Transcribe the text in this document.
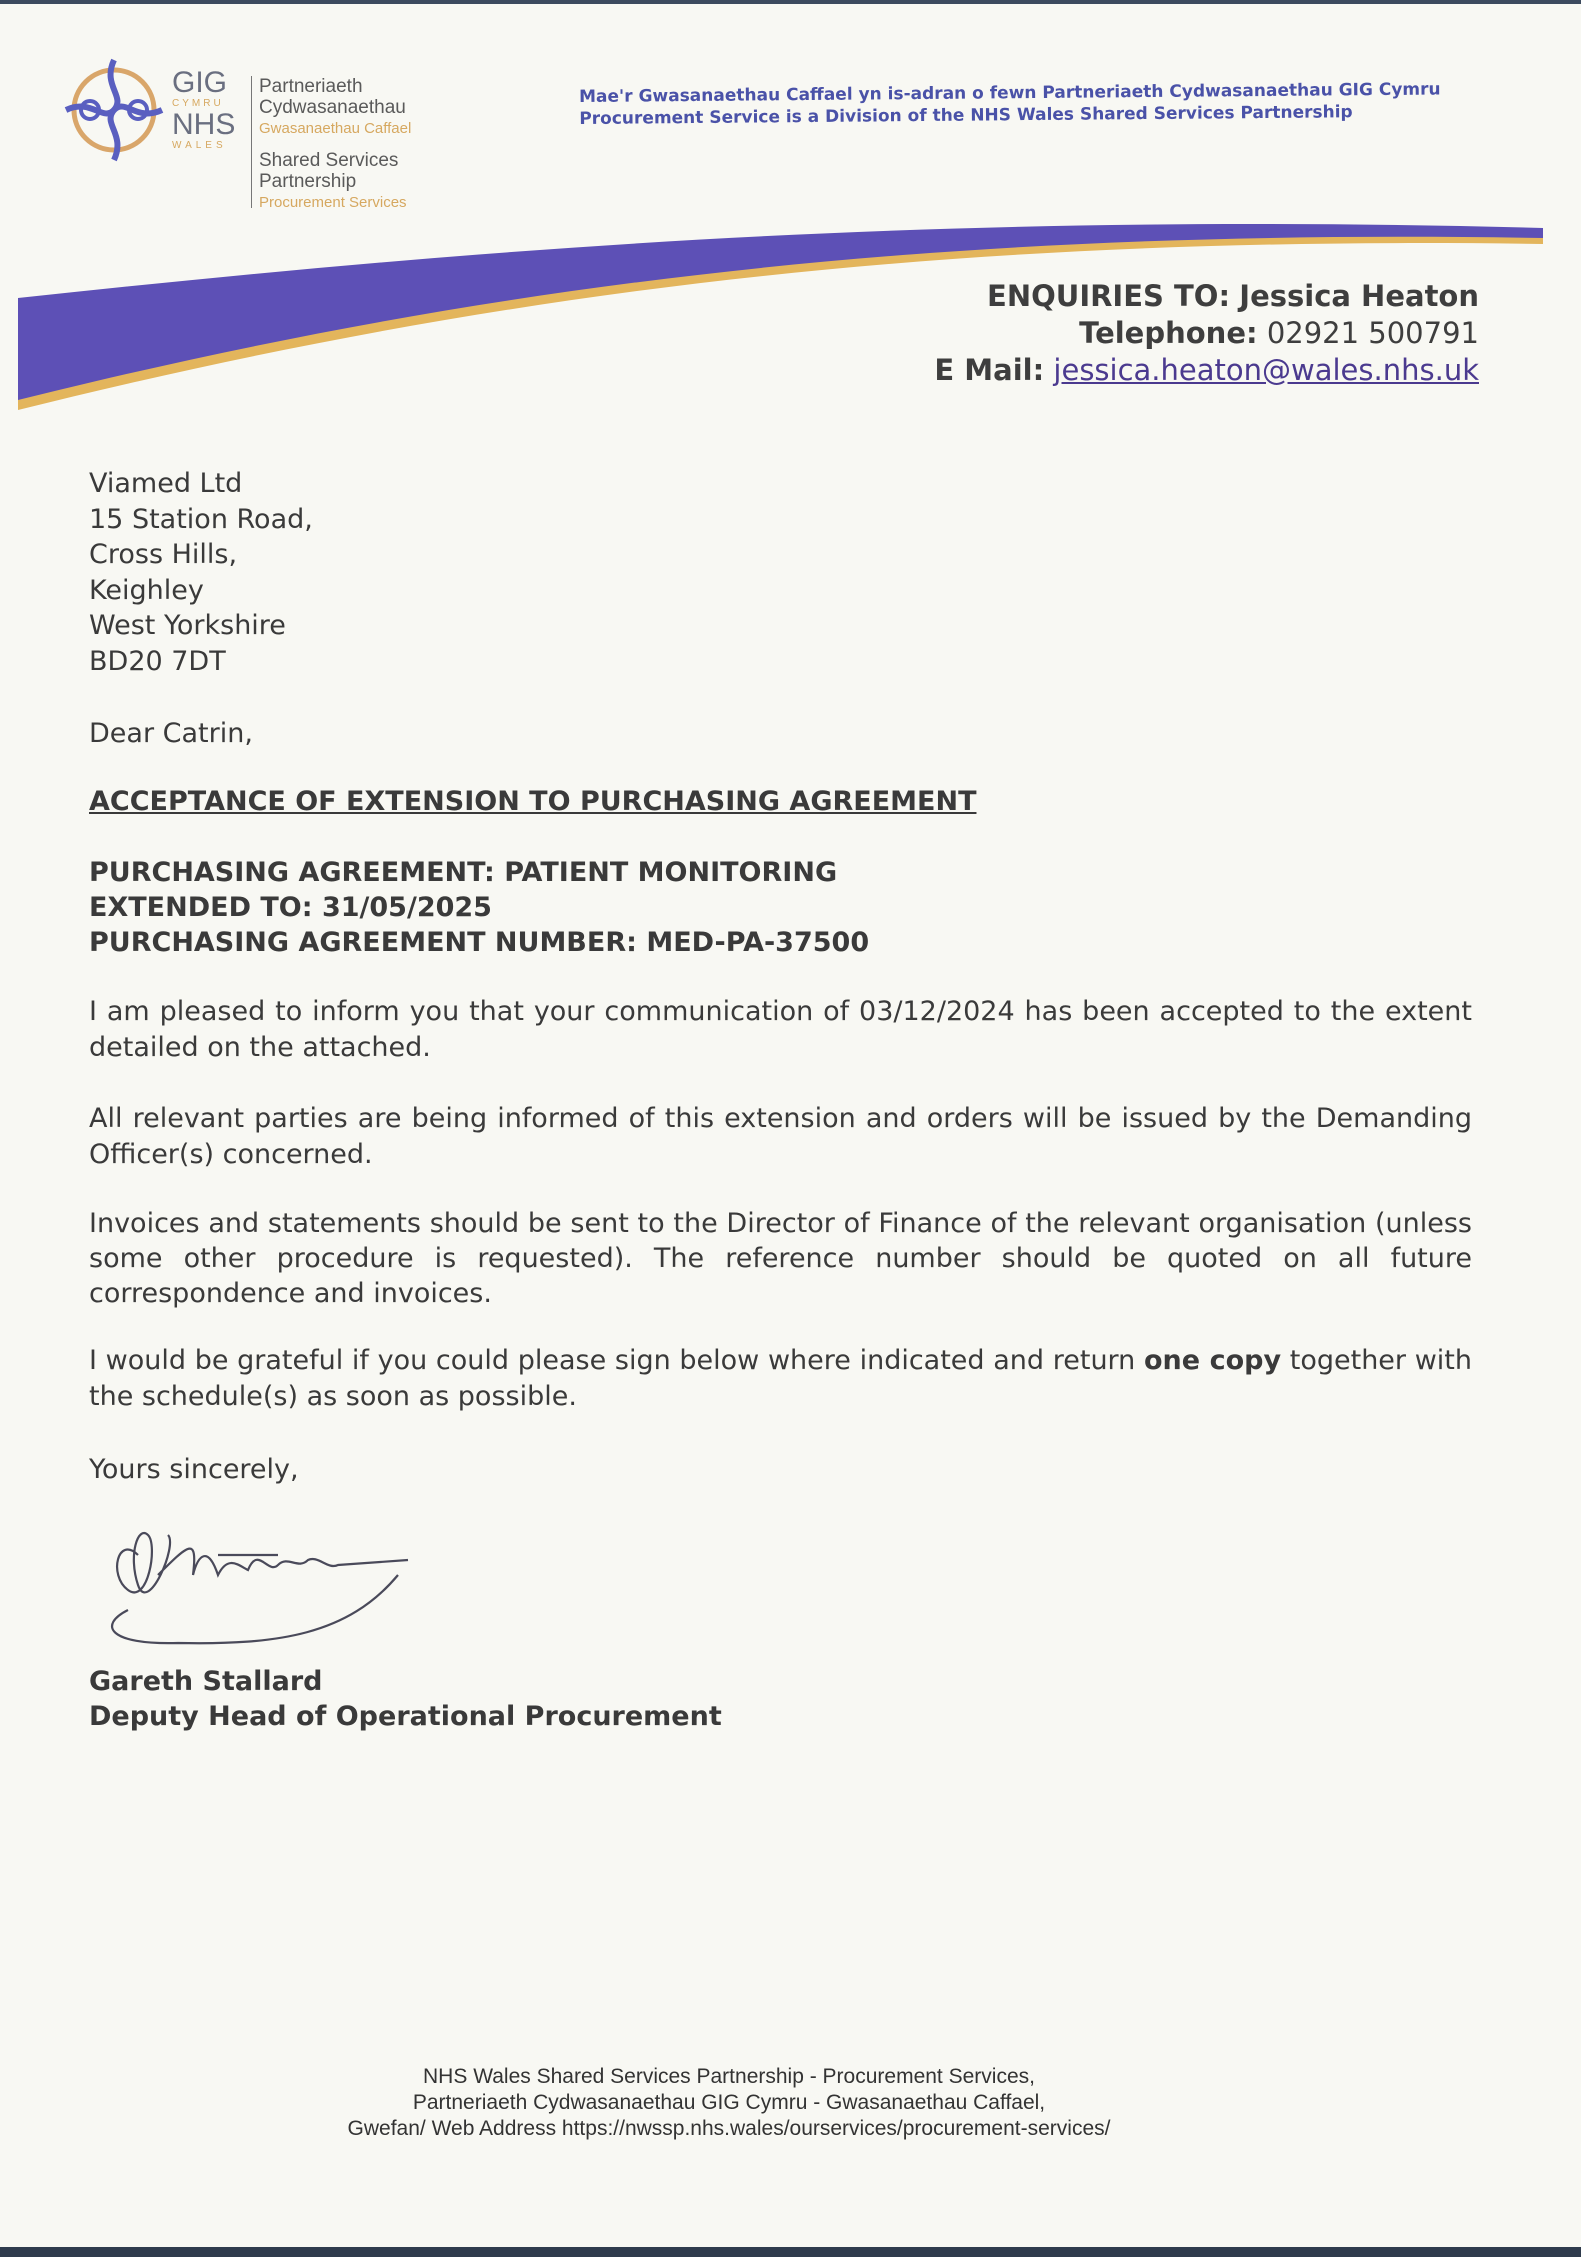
GIG
CYMRU
NHS
WALES
Partneriaeth
Cydwasanaethau
Gwasanaethau Caffael
Shared Services
Partnership
Procurement Services
Mae'r Gwasanaethau Caffael yn is-adran o fewn Partneriaeth Cydwasanaethau GIG Cymru
Procurement Service is a Division of the NHS Wales Shared Services Partnership
ENQUIRIES TO: Jessica Heaton
Telephone: 02921 500791
E Mail: jessica.heaton@wales.nhs.uk
Viamed Ltd
15 Station Road,
Cross Hills,
Keighley
West Yorkshire
BD20 7DT
Dear Catrin,
ACCEPTANCE OF EXTENSION TO PURCHASING AGREEMENT
PURCHASING AGREEMENT: PATIENT MONITORING
EXTENDED TO: 31/05/2025
PURCHASING AGREEMENT NUMBER: MED-PA-37500
I am pleased to inform you that your communication of 03/12/2024 has been accepted to the extent detailed on the attached.
All relevant parties are being informed of this extension and orders will be issued by the Demanding Officer(s) concerned.
Invoices and statements should be sent to the Director of Finance of the relevant organisation (unless some other procedure is requested). The reference number should be quoted on all future correspondence and invoices.
I would be grateful if you could please sign below where indicated and return one copy together with the schedule(s) as soon as possible.
Yours sincerely,
Gareth Stallard
Deputy Head of Operational Procurement
NHS Wales Shared Services Partnership - Procurement Services,
Partneriaeth Cydwasanaethau GIG Cymru - Gwasanaethau Caffael,
Gwefan/ Web Address https://nwssp.nhs.wales/ourservices/procurement-services/
